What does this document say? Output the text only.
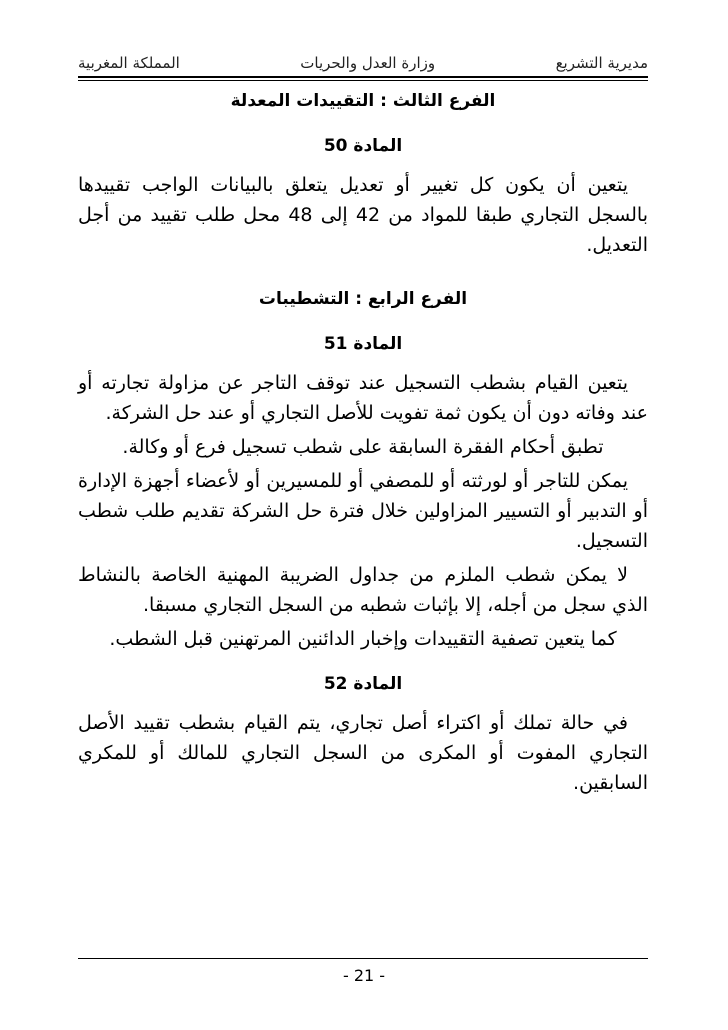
المملكة المغربية	وزارة العدل والحريات	مديرية التشريع
الفرع الثالث : التقييدات المعدلة
المادة 50

يتعين أن يكون كل تغيير أو تعديل يتعلق بالبيانات الواجب تقييدها بالسجل التجاري طبقا للمواد من 42 إلى 48 محل طلب تقييد من أجل التعديل.

الفرع الرابع : التشطيبات
المادة 51

يتعين القيام بشطب التسجيل عند توقف التاجر عن مزاولة تجارته أو عند وفاته دون أن يكون ثمة تفويت للأصل التجاري أو عند حل الشركة.

تطبق أحكام الفقرة السابقة على شطب تسجيل فرع أو وكالة.

يمكن للتاجر أو لورثته أو للمصفي أو للمسيرين أو لأعضاء أجهزة الإدارة أو التدبير أو التسيير المزاولين خلال فترة حل الشركة تقديم طلب شطب التسجيل.

لا يمكن شطب الملزم من جداول الضريبة المهنية الخاصة بالنشاط الذي سجل من أجله، إلا بإثبات شطبه من السجل التجاري مسبقا.

كما يتعين تصفية التقييدات وإخبار الدائنين المرتهنين قبل الشطب.

المادة 52

في حالة تملك أو اكتراء أصل تجاري، يتم القيام بشطب تقييد الأصل التجاري المفوت أو المكرى من السجل التجاري للمالك أو للمكري السابقين.

- 21 -
